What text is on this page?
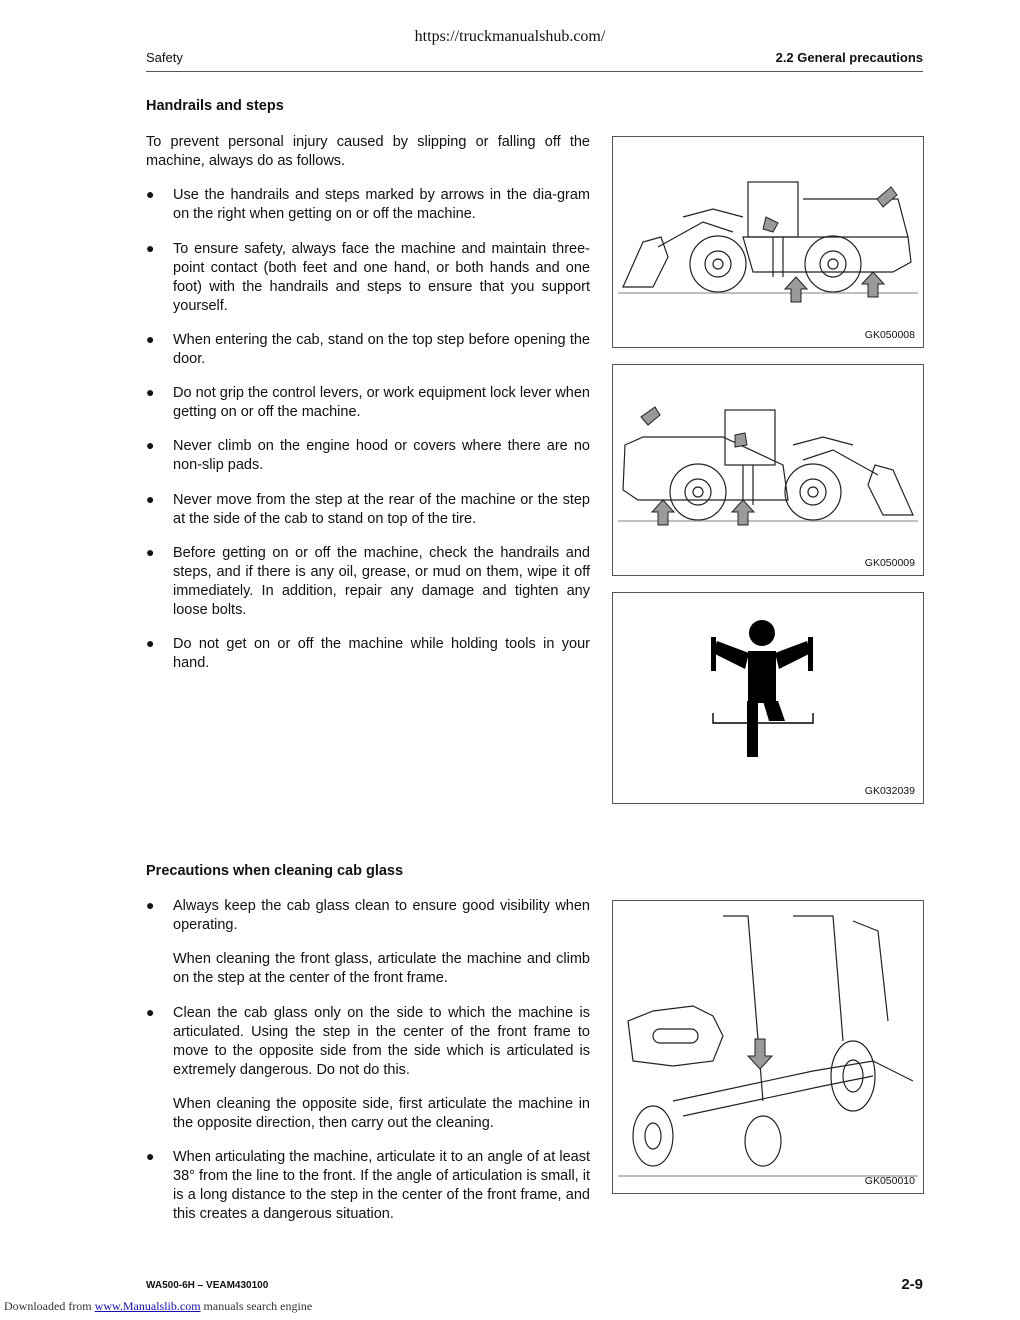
https://truckmanualshub.com/
Safety	2.2 General precautions
Handrails and steps
To prevent personal injury caused by slipping or falling off the machine, always do as follows.
● Use the handrails and steps marked by arrows in the dia-gram on the right when getting on or off the machine.
● To ensure safety, always face the machine and maintain three-point contact (both feet and one hand, or both hands and one foot) with the handrails and steps to ensure that you support yourself.
● When entering the cab, stand on the top step before opening the door.
● Do not grip the control levers, or work equipment lock lever when getting on or off the machine.
● Never climb on the engine hood or covers where there are no non-slip pads.
● Never move from the step at the rear of the machine or the step at the side of the cab to stand on top of the tire.
● Before getting on or off the machine, check the handrails and steps, and if there is any oil, grease, or mud on them, wipe it off immediately. In addition, repair any damage and tighten any loose bolts.
● Do not get on or off the machine while holding tools in your hand.
GK050008
GK050009
GK032039
Precautions when cleaning cab glass
● Always keep the cab glass clean to ensure good visibility when operating.
When cleaning the front glass, articulate the machine and climb on the step at the center of the front frame.
● Clean the cab glass only on the side to which the machine is articulated. Using the step in the center of the front frame to move to the opposite side from the side which is articulated is extremely dangerous. Do not do this.
When cleaning the opposite side, first articulate the machine in the opposite direction, then carry out the cleaning.
● When articulating the machine, articulate it to an angle of at least 38° from the line to the front. If the angle of articulation is small, it is a long distance to the step in the center of the front frame, and this creates a dangerous situation.
GK050010
WA500-6H – VEAM430100	2-9
Downloaded from www.Manualslib.com manuals search engine
